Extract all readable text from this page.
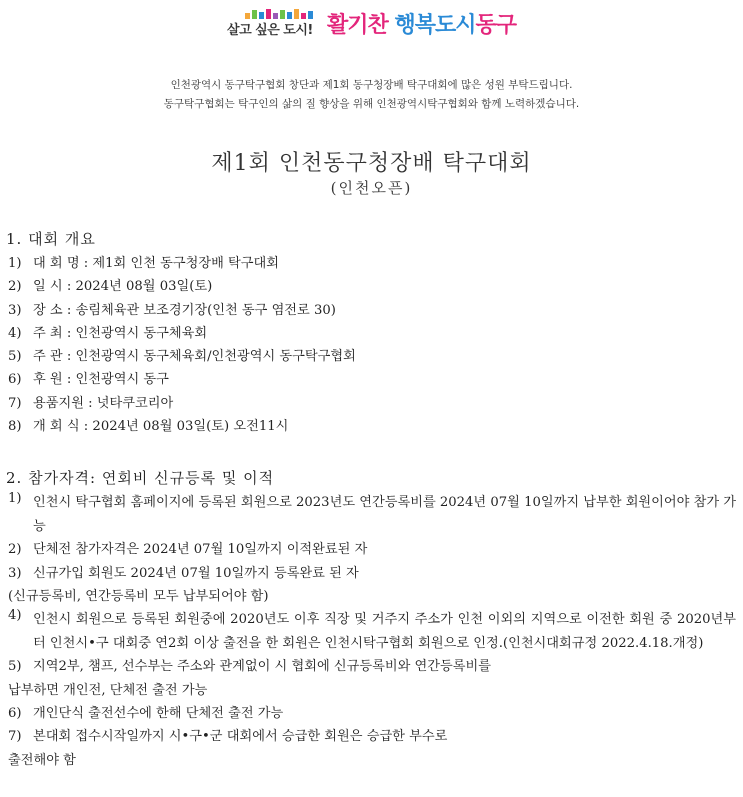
살고 싶은 도시! 활기찬 행복도시동구
인천광역시 동구탁구협회 창단과 제1회 동구청장배 탁구대회에 많은 성원 부탁드립니다.
동구탁구협회는 탁구인의 삶의 질 향상을 위해 인천광역시탁구협회와 함께 노력하겠습니다.
제1회 인천동구청장배 탁구대회
(인천오픈)
1. 대회 개요
1) 대 회 명 : 제1회 인천 동구청장배 탁구대회
2) 일 시 : 2024년 08월 03일(토)
3) 장 소 : 송림체육관 보조경기장(인천 동구 염전로 30)
4) 주 최 : 인천광역시 동구체육회
5) 주 관 : 인천광역시 동구체육회/인천광역시 동구탁구협회
6) 후 원 : 인천광역시 동구
7) 용품지원 : 넛타쿠코리아
8) 개 회 식 : 2024년 08월 03일(토) 오전11시
2. 참가자격: 연회비 신규등록 및 이적
1) 인천시 탁구협회 홈페이지에 등록된 회원으로 2023년도 연간등록비를 2024년 07월 10일까지 납부한 회원이어야 참가 가능
2) 단체전 참가자격은 2024년 07월 10일까지 이적완료된 자
3) 신규가입 회원도 2024년 07월 10일까지 등록완료 된 자
(신규등록비, 연간등록비 모두 납부되어야 함)
4) 인천시 회원으로 등록된 회원중에 2020년도 이후 직장 및 거주지 주소가 인천 이외의 지역으로 이전한 회원 중 2020년부터 인천시•구 대회중 연2회 이상 출전을 한 회원은 인천시탁구협회 회원으로 인정.(인천시대회규정 2022.4.18.개정)
5) 지역2부, 챔프, 선수부는 주소와 관계없이 시 협회에 신규등록비와 연간등록비를
납부하면 개인전, 단체전 출전 가능
6) 개인단식 출전선수에 한해 단체전 출전 가능
7) 본대회 접수시작일까지 시•구•군 대회에서 승급한 회원은 승급한 부수로
출전해야 함
